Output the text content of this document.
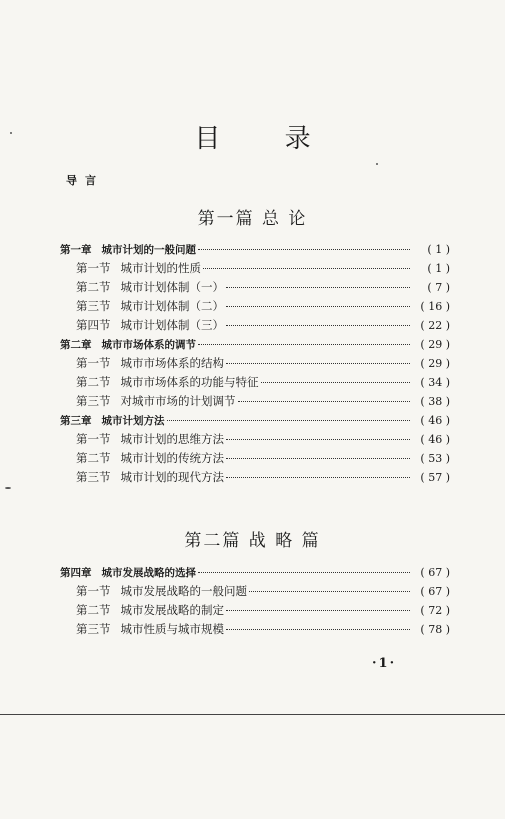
目 录
导言
第一篇 总 论
第一章 城市计划的一般问题	( 1 )
第一节 城市计划的性质	( 1 )
第二节 城市计划体制（一）	( 7 )
第三节 城市计划体制（二）	( 16 )
第四节 城市计划体制（三）	( 22 )
第二章 城市市场体系的调节	( 29 )
第一节 城市市场体系的结构	( 29 )
第二节 城市市场体系的功能与特征	( 34 )
第三节 对城市市场的计划调节	( 38 )
第三章 城市计划方法	( 46 )
第一节 城市计划的思维方法	( 46 )
第二节 城市计划的传统方法	( 53 )
第三节 城市计划的现代方法	( 57 )
第二篇 战 略 篇
第四章 城市发展战略的选择	( 67 )
第一节 城市发展战略的一般问题	( 67 )
第二节 城市发展战略的制定	( 72 )
第三节 城市性质与城市规模	( 78 )
·1·
